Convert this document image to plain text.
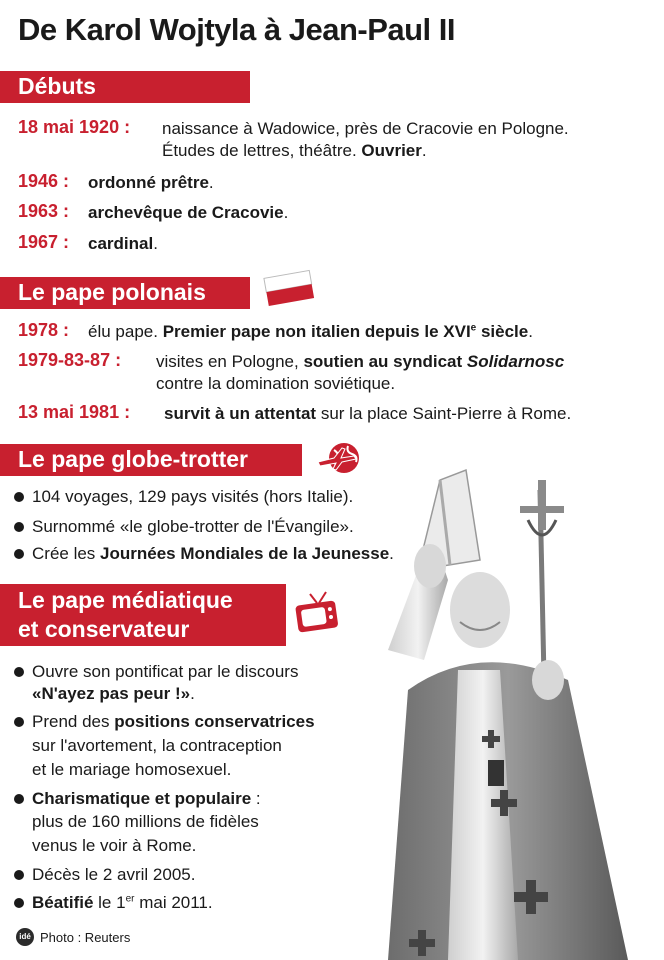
De Karol Wojtyla à Jean-Paul II
Débuts
18 mai 1920 : naissance à Wadowice, près de Cracovie en Pologne.
Études de lettres, théâtre. Ouvrier.
1946 : ordonné prêtre.
1963 : archevêque de Cracovie.
1967 : cardinal.
Le pape polonais
1978 : élu pape. Premier pape non italien depuis le XVIe siècle.
1979-83-87 : visites en Pologne, soutien au syndicat Solidarnosc
contre la domination soviétique.
13 mai 1981 : survit à un attentat sur la place Saint-Pierre à Rome.
Le pape globe-trotter
104 voyages, 129 pays visités (hors Italie).
Surnommé «le globe-trotter de l'Évangile».
Crée les Journées Mondiales de la Jeunesse.
Le pape médiatique
et conservateur
Ouvre son pontificat par le discours
«N'ayez pas peur !».
Prend des positions conservatrices
sur l'avortement, la contraception
et le mariage homosexuel.
Charismatique et populaire :
plus de 160 millions de fidèles
venus le voir à Rome.
Décès le 2 avril 2005.
Béatifié le 1er mai 2011.
idé Photo : Reuters
